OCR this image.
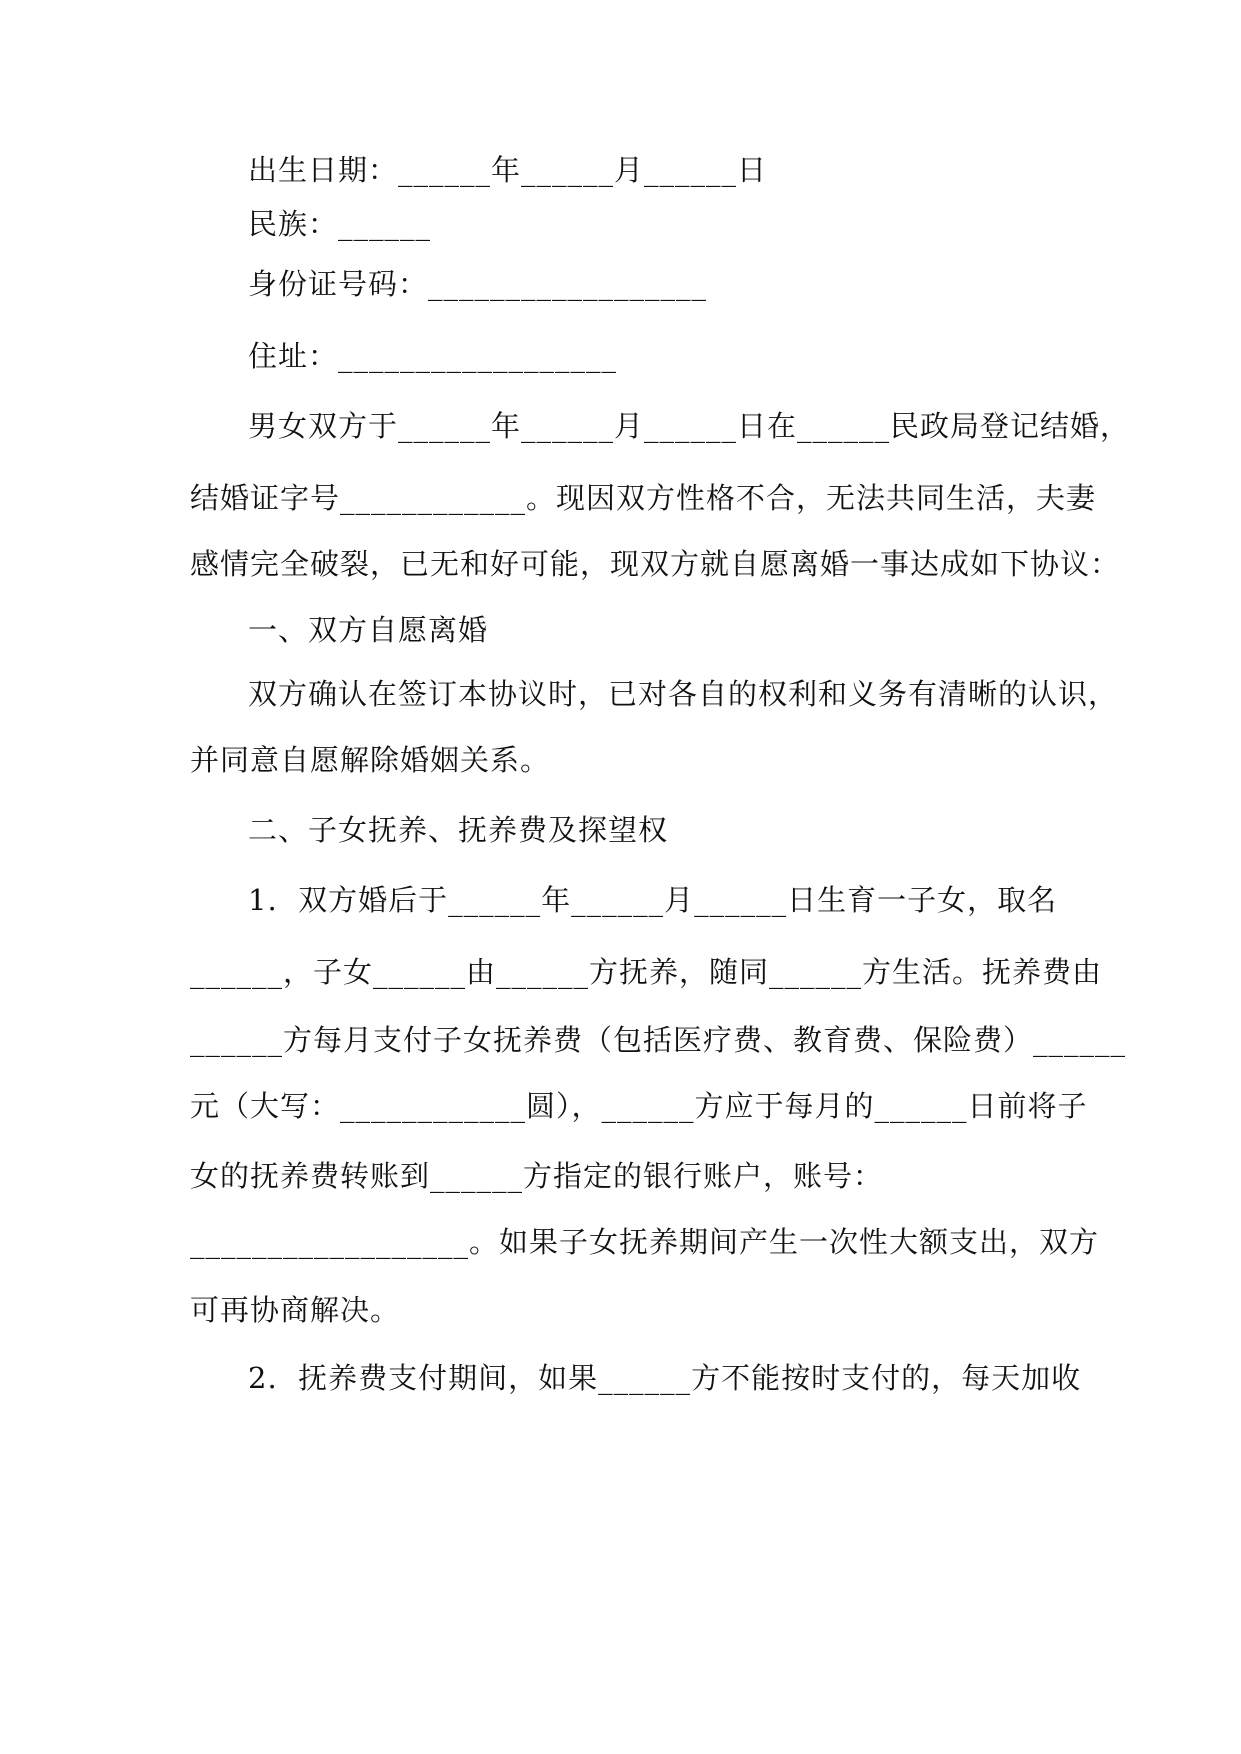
出生日期：______年______月______日
民族：______
身份证号码：__________________
住址：__________________
男女双方于______年______月______日在______民政局登记结婚，
结婚证字号____________。现因双方性格不合，无法共同生活，夫妻
感情完全破裂，已无和好可能，现双方就自愿离婚一事达成如下协议：
一、双方自愿离婚
双方确认在签订本协议时，已对各自的权利和义务有清晰的认识，
并同意自愿解除婚姻关系。
二、子女抚养、抚养费及探望权
1.  双方婚后于______年______月______日生育一子女，取名
______，子女______由______方抚养，随同______方生活。抚养费由
______方每月支付子女抚养费（包括医疗费、教育费、保险费）______
元（大写：____________圆），______方应于每月的______日前将子
女的抚养费转账到______方指定的银行账户，账号：
__________________。如果子女抚养期间产生一次性大额支出，双方
可再协商解决。
2.  抚养费支付期间，如果______方不能按时支付的，每天加收
